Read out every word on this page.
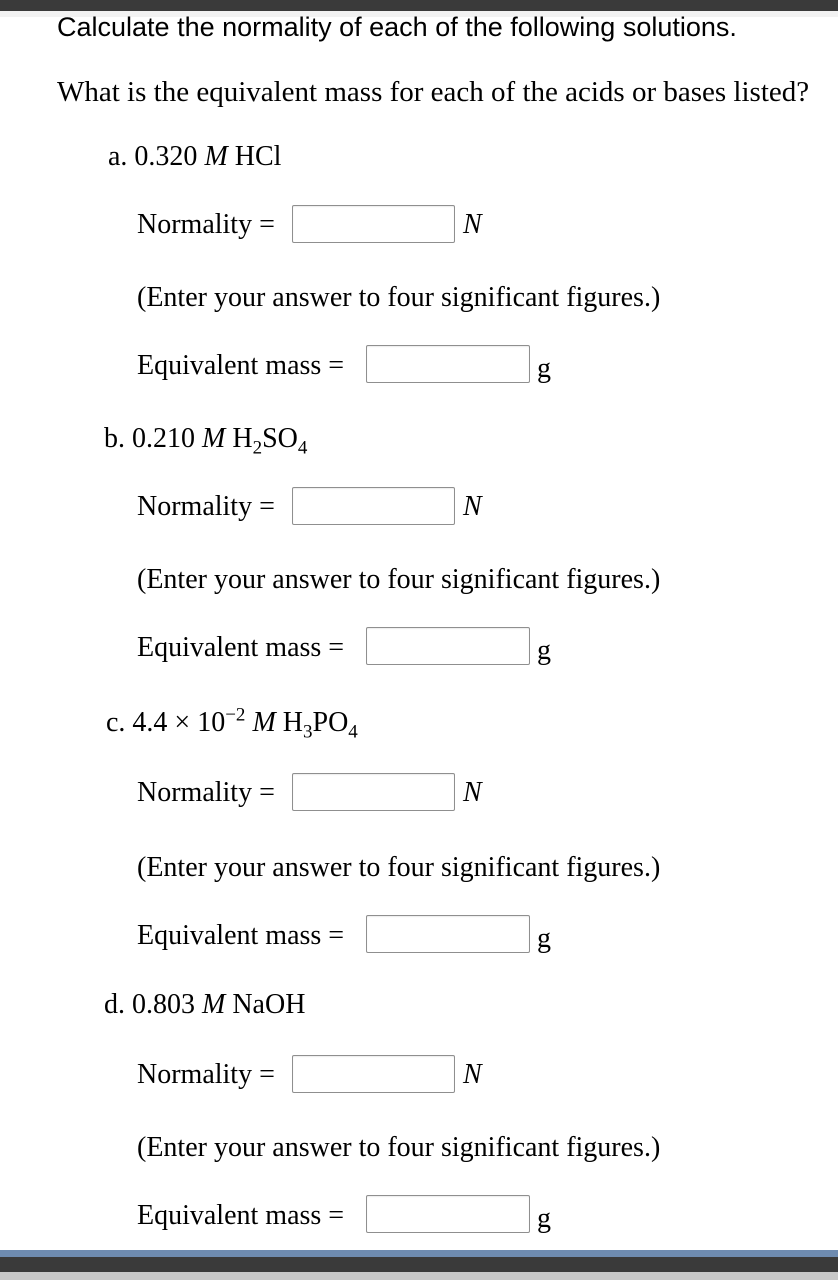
Calculate the normality of each of the following solutions.
What is the equivalent mass for each of the acids or bases listed?
a. 0.320 M HCl
Normality =	N
(Enter your answer to four significant figures.)
Equivalent mass =	g
b. 0.210 M $H_2SO_4$
Normality =	N
(Enter your answer to four significant figures.)
Equivalent mass =	g
c. $4.4 \times 10^{-2}$ M $H_3PO_4$
Normality =	N
(Enter your answer to four significant figures.)
Equivalent mass =	g
d. 0.803 M NaOH
Normality =	N
(Enter your answer to four significant figures.)
Equivalent mass =	g
